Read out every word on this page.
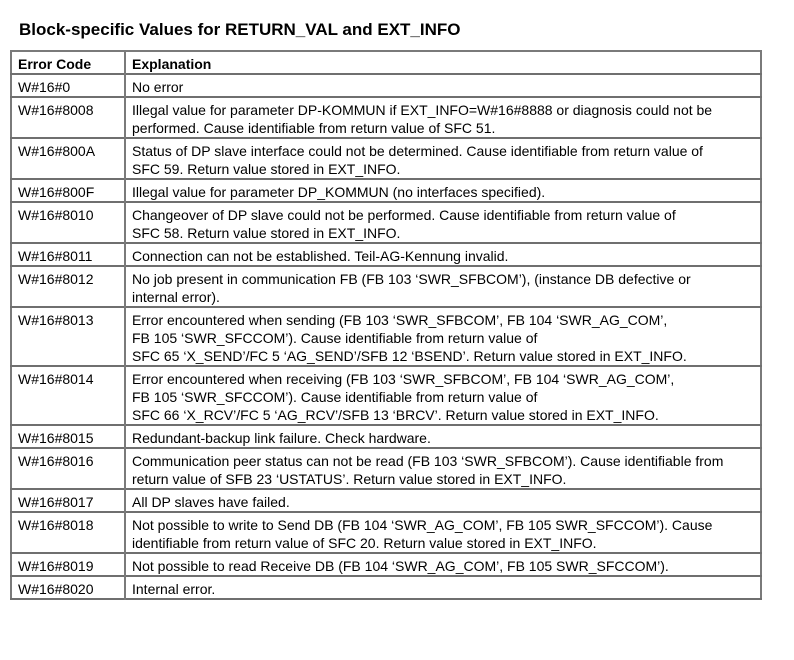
Block-specific Values for RETURN_VAL and EXT_INFO
Error Code	Explanation
W#16#0	No error

W#16#8008	Illegal value for parameter DP-KOMMUN if EXT_INFO=W#16#8888 or diagnosis could not be
performed. Cause identifiable from return value of SFC 51.

W#16#800A	Status of DP slave interface could not be determined. Cause identifiable from return value of
SFC 59. Return value stored in EXT_INFO.

W#16#800F	Illegal value for parameter DP_KOMMUN (no interfaces specified).

W#16#8010	Changeover of DP slave could not be performed. Cause identifiable from return value of
SFC 58. Return value stored in EXT_INFO.

W#16#8011	Connection can not be established. Teil-AG-Kennung invalid.

W#16#8012	No job present in communication FB (FB 103 ‘SWR_SFBCOM’), (instance DB defective or
internal error).

W#16#8013	Error encountered when sending (FB 103 ‘SWR_SFBCOM’, FB 104 ‘SWR_AG_COM’,
FB 105 ‘SWR_SFCCOM’). Cause identifiable from return value of
SFC 65 ‘X_SEND’/FC 5 ‘AG_SEND’/SFB 12 ‘BSEND’. Return value stored in EXT_INFO.

W#16#8014	Error encountered when receiving (FB 103 ‘SWR_SFBCOM’, FB 104 ‘SWR_AG_COM’,
FB 105 ‘SWR_SFCCOM’). Cause identifiable from return value of
SFC 66 ‘X_RCV’/FC 5 ‘AG_RCV’/SFB 13 ‘BRCV’. Return value stored in EXT_INFO.

W#16#8015	Redundant-backup link failure. Check hardware.

W#16#8016	Communication peer status can not be read (FB 103 ‘SWR_SFBCOM’). Cause identifiable from
return value of SFB 23 ‘USTATUS’. Return value stored in EXT_INFO.

W#16#8017	All DP slaves have failed.

W#16#8018	Not possible to write to Send DB (FB 104 ‘SWR_AG_COM’, FB 105 SWR_SFCCOM’). Cause
identifiable from return value of SFC 20. Return value stored in EXT_INFO.

W#16#8019	Not possible to read Receive DB (FB 104 ‘SWR_AG_COM’, FB 105 SWR_SFCCOM’).

W#16#8020	Internal error.
